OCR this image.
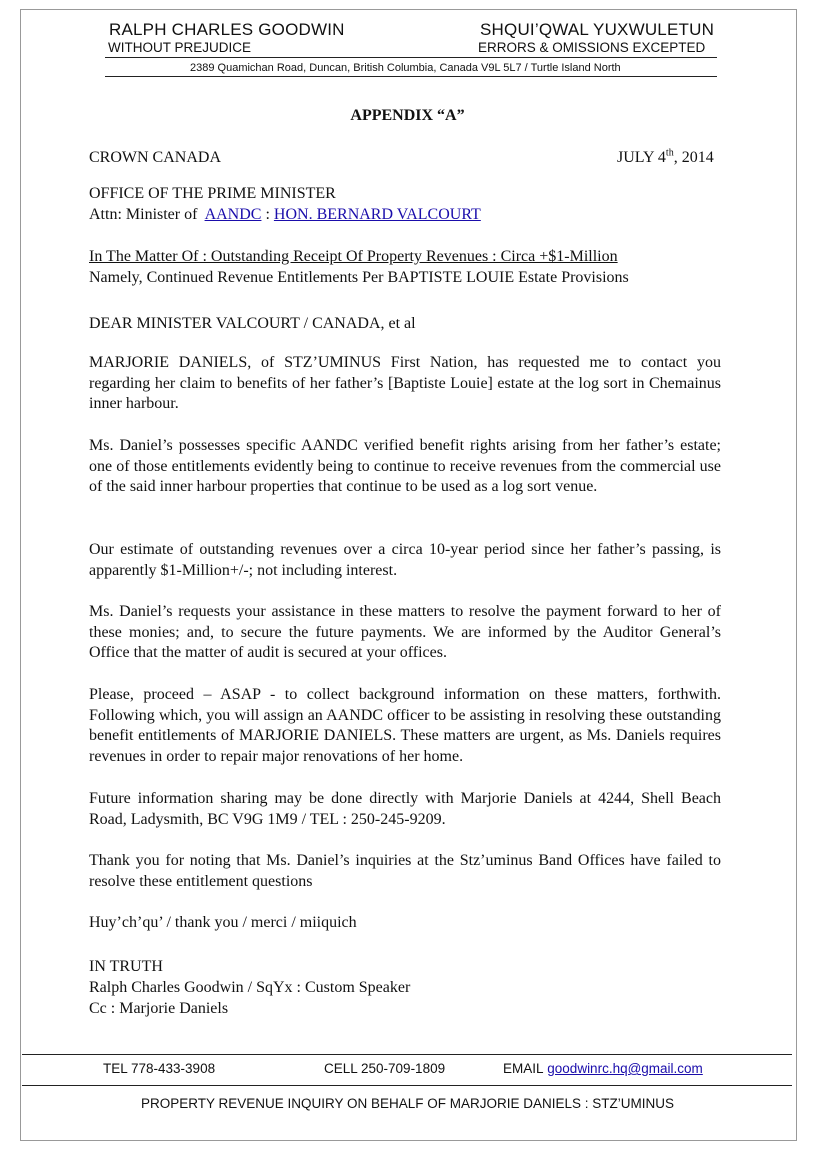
RALPH CHARLES GOODWIN
WITHOUT PREJUDICE
SHQUI’QWAL YUXWULETUN
ERRORS & OMISSIONS EXCEPTED
2389 Quamichan Road, Duncan, British Columbia, Canada V9L 5L7 / Turtle Island North
APPENDIX “A”
CROWN CANADA	JULY 4th, 2014
OFFICE OF THE PRIME MINISTER
Attn: Minister of AANDC : HON. BERNARD VALCOURT
In The Matter Of : Outstanding Receipt Of Property Revenues : Circa +$1-Million
Namely, Continued Revenue Entitlements Per BAPTISTE LOUIE Estate Provisions
DEAR MINISTER VALCOURT / CANADA, et al
MARJORIE DANIELS, of STZ’UMINUS First Nation, has requested me to contact you regarding her claim to benefits of her father’s [Baptiste Louie] estate at the log sort in Chemainus inner harbour.
Ms. Daniel’s possesses specific AANDC verified benefit rights arising from her father’s estate; one of those entitlements evidently being to continue to receive revenues from the commercial use of the said inner harbour properties that continue to be used as a log sort venue.
Our estimate of outstanding revenues over a circa 10-year period since her father’s passing, is apparently $1-Million+/-; not including interest.
Ms. Daniel’s requests your assistance in these matters to resolve the payment forward to her of these monies; and, to secure the future payments. We are informed by the Auditor General’s Office that the matter of audit is secured at your offices.
Please, proceed – ASAP - to collect background information on these matters, forthwith. Following which, you will assign an AANDC officer to be assisting in resolving these outstanding benefit entitlements of MARJORIE DANIELS. These matters are urgent, as Ms. Daniels requires revenues in order to repair major renovations of her home.
Future information sharing may be done directly with Marjorie Daniels at 4244, Shell Beach Road, Ladysmith, BC V9G 1M9 / TEL : 250-245-9209.
Thank you for noting that Ms. Daniel’s inquiries at the Stz’uminus Band Offices have failed to resolve these entitlement questions
Huy’ch’qu’ / thank you / merci / miiquich
IN TRUTH
Ralph Charles Goodwin / SqYx : Custom Speaker
Cc : Marjorie Daniels
TEL 778-433-3908	CELL 250-709-1809	EMAIL goodwinrc.hq@gmail.com
PROPERTY REVENUE INQUIRY ON BEHALF OF MARJORIE DANIELS : STZ’UMINUS
